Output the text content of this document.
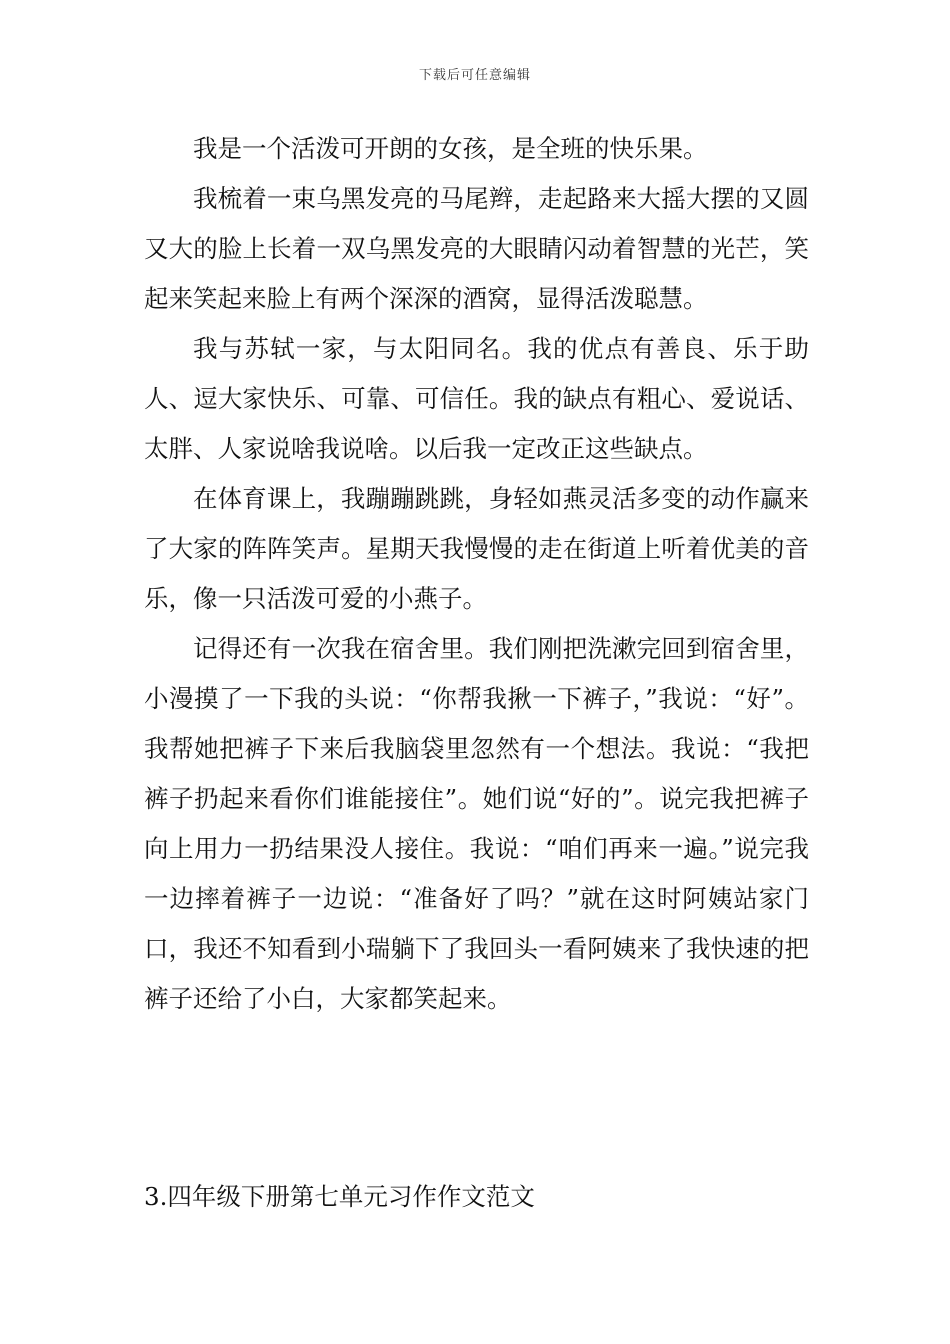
下载后可任意编辑

我是一个活泼可开朗的女孩，是全班的快乐果。

我梳着一束乌黑发亮的马尾辫，走起路来大摇大摆的又圆又大的脸上长着一双乌黑发亮的大眼睛闪动着智慧的光芒，笑起来笑起来脸上有两个深深的酒窝，显得活泼聪慧。

我与苏轼一家，与太阳同名。我的优点有善良、乐于助人、逗大家快乐、可靠、可信任。我的缺点有粗心、爱说话、太胖、人家说啥我说啥。以后我一定改正这些缺点。

在体育课上，我蹦蹦跳跳，身轻如燕灵活多变的动作赢来了大家的阵阵笑声。星期天我慢慢的走在街道上听着优美的音乐，像一只活泼可爱的小燕子。

记得还有一次我在宿舍里。我们刚把洗漱完回到宿舍里，小漫摸了一下我的头说：“你帮我揪一下裤子，”我说：“好”。我帮她把裤子下来后我脑袋里忽然有一个想法。我说：“我把裤子扔起来看你们谁能接住”。她们说“好的”。说完我把裤子向上用力一扔结果没人接住。我说：“咱们再来一遍。”说完我一边摔着裤子一边说：“准备好了吗？”就在这时阿姨站家门口，我还不知看到小瑞躺下了我回头一看阿姨来了我快速的把裤子还给了小白，大家都笑起来。

3.四年级下册第七单元习作作文范文
